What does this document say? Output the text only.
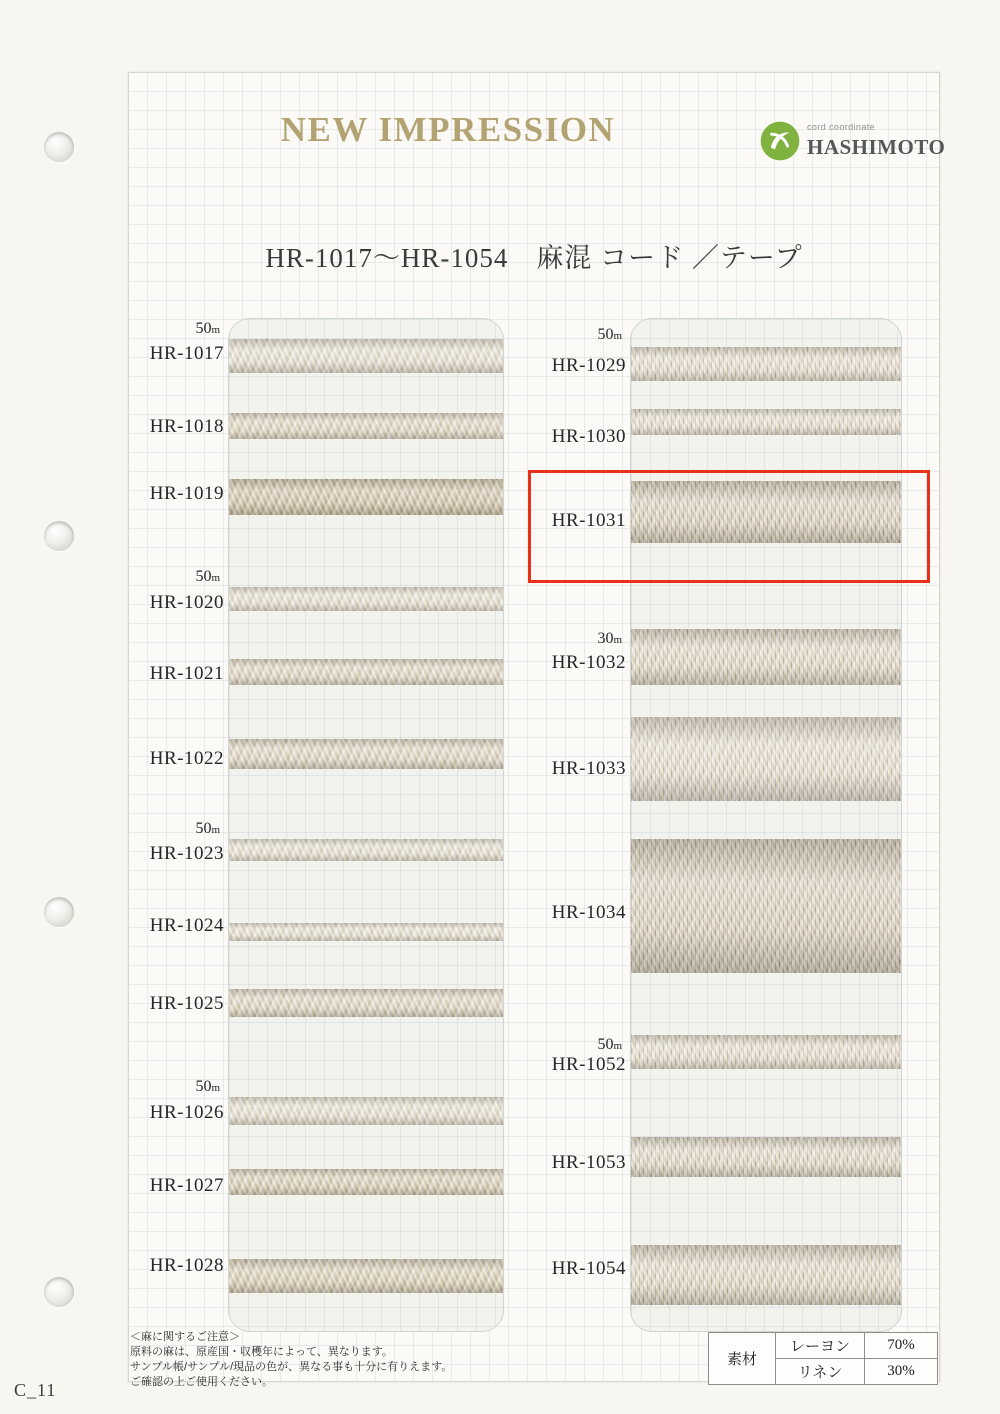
NEW IMPRESSION	cord coordinate
HASHIMOTO
HR-1017〜HR-1054　麻混 コード ／テープ
HR-1017
50m
HR-1018
HR-1019
HR-1020
50m
HR-1021
HR-1022
HR-1023
50m
HR-1024
HR-1025
HR-1026
50m
HR-1027
HR-1028
HR-1029
50m
HR-1030
HR-1031
HR-1032
30m
HR-1033
HR-1034
HR-1052
50m
HR-1053
HR-1054
＜麻に関するご注意＞
原料の麻は、原産国・収穫年によって、異なります。
サンプル帳/サンプル/現品の色が、異なる事も十分に有りえます。
ご確認の上ご使用ください。
素材	レーヨン	70%
	リネン	30%
C_11
